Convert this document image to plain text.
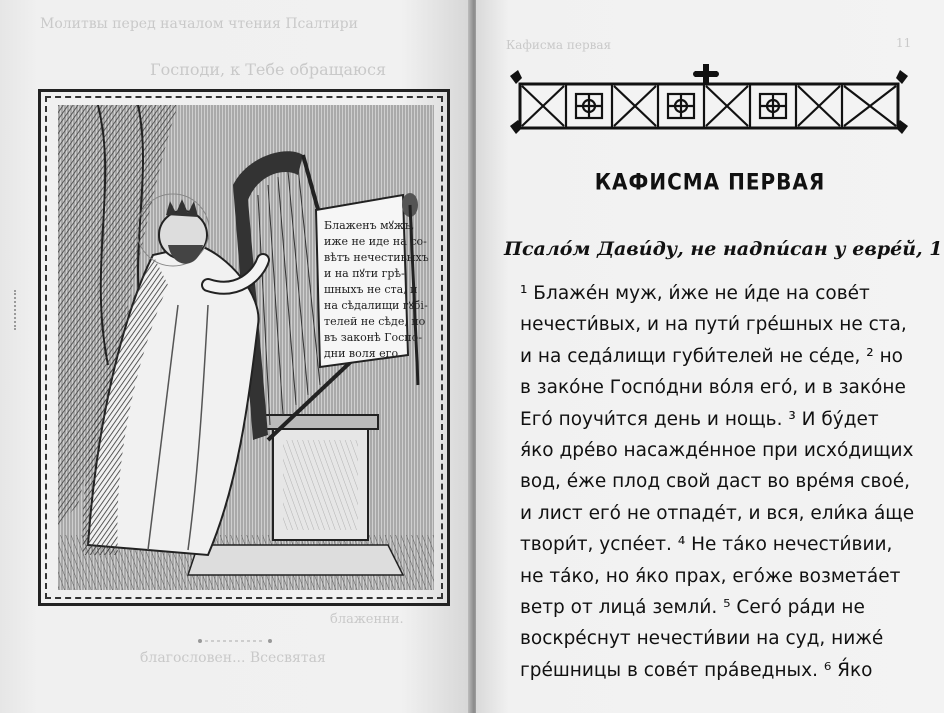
Молитвы перед началом чтения Псалтири
Господи, к Тебе обращаюся
Блаженъ мꙋжъ,
иже не иде на со-
вѣтъ нечестивыхъ
и на пꙋти грѣ-
шныхъ не ста, и
на сѣдалищи гꙋбі-
телей не сѣде, но
въ законѣ Госпо-
дни воля его.
блаженни.
благословен... Всесвятая
Кафисма первая	11
КАФИСМА ПЕРВАЯ
Псало́м Дави́ду, не надпи́сан у евре́й, 1
¹ Блаже́н муж, и́же не и́де на сове́т
нечести́вых, и на пути́ гре́шных не ста,
и на седа́лищи губи́телей не се́де, ² но
в зако́не Госпо́дни во́ля его́, и в зако́не
Его́ поучи́тся день и нощь. ³ И бу́дет
я́ко дре́во насажде́нное при исхо́дищих
вод, е́же плод свой даст во вре́мя свое́,
и лист его́ не отпаде́т, и вся, ели́ка а́ще
твори́т, успе́ет. ⁴ Не та́ко нечести́вии,
не та́ко, но я́ко прах, его́же возмета́ет
ветр от лица́ земли́. ⁵ Сего́ ра́ди не
воскре́снут нечести́вии на суд, ниже́
гре́шницы в сове́т пра́ведных. ⁶ Я́ко
